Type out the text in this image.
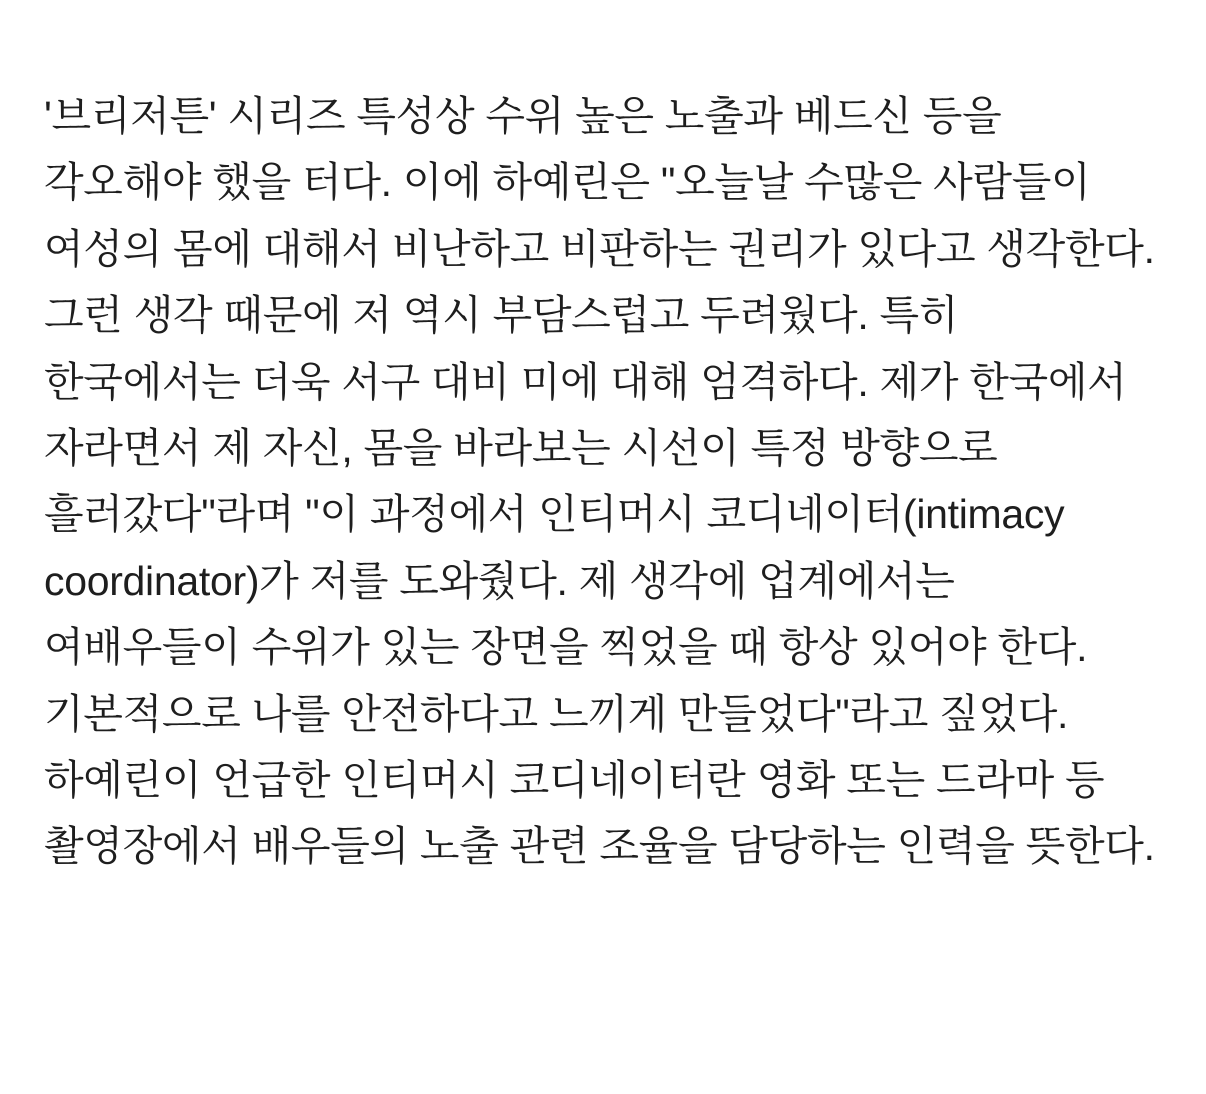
'브리저튼' 시리즈 특성상 수위 높은 노출과 베드신 등을 각오해야 했을 터다. 이에 하예린은 "오늘날 수많은 사람들이 여성의 몸에 대해서 비난하고 비판하는 권리가 있다고 생각한다. 그런 생각 때문에 저 역시 부담스럽고 두려웠다. 특히 한국에서는 더욱 서구 대비 미에 대해 엄격하다. 제가 한국에서 자라면서 제 자신, 몸을 바라보는 시선이 특정 방향으로 흘러갔다"라며 "이 과정에서 인티머시 코디네이터(intimacy coordinator)가 저를 도와줬다. 제 생각에 업계에서는 여배우들이 수위가 있는 장면을 찍었을 때 항상 있어야 한다. 기본적으로 나를 안전하다고 느끼게 만들었다"라고 짚었다. 하예린이 언급한 인티머시 코디네이터란 영화 또는 드라마 등 촬영장에서 배우들의 노출 관련 조율을 담당하는 인력을 뜻한다.
